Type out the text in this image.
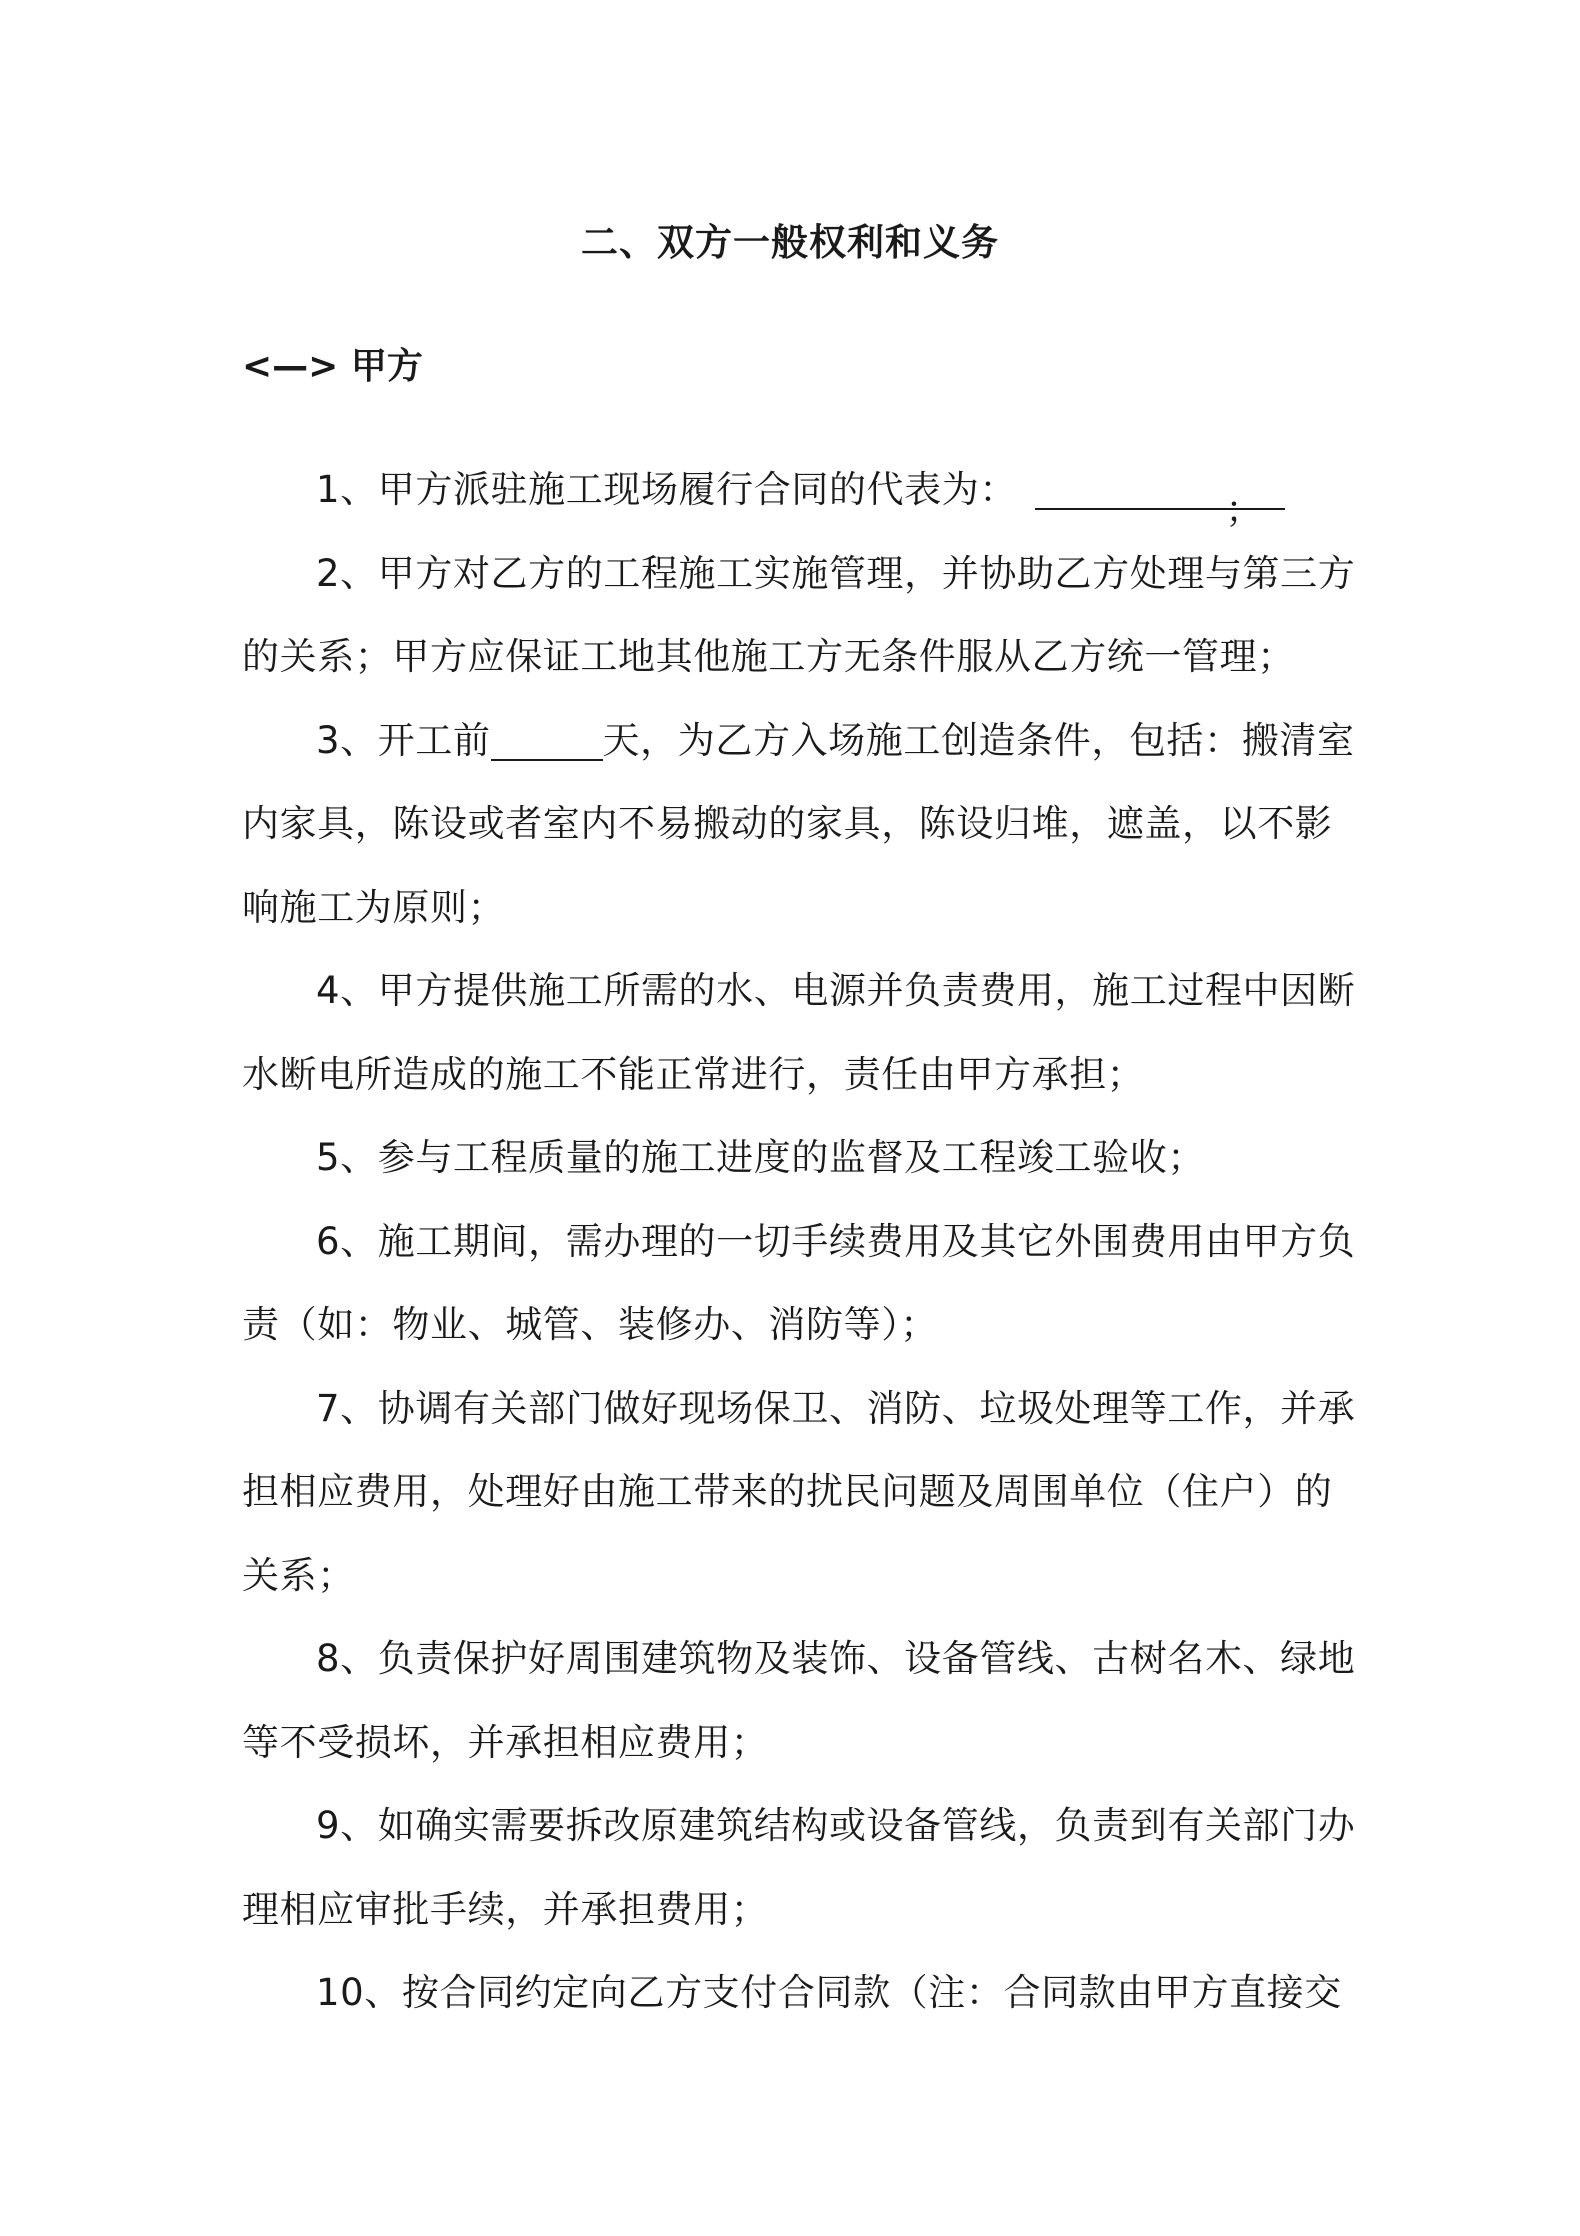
二、双方一般权利和义务
<—> 甲方

1、甲方派驻施工现场履行合同的代表为：	；

2、甲方对乙方的工程施工实施管理，并协助乙方处理与第三方

的关系；甲方应保证工地其他施工方无条件服从乙方统一管理；

3、开工前	天，为乙方入场施工创造条件，包括：搬清室

内家具，陈设或者室内不易搬动的家具，陈设归堆，遮盖，以不影

响施工为原则；

4、甲方提供施工所需的水、电源并负责费用，施工过程中因断

水断电所造成的施工不能正常进行，责任由甲方承担；

5、参与工程质量的施工进度的监督及工程竣工验收；

6、施工期间，需办理的一切手续费用及其它外围费用由甲方负

责（如：物业、城管、装修办、消防等）；

7、协调有关部门做好现场保卫、消防、垃圾处理等工作，并承

担相应费用，处理好由施工带来的扰民问题及周围单位（住户）的

关系；

8、负责保护好周围建筑物及装饰、设备管线、古树名木、绿地

等不受损坏，并承担相应费用；

9、如确实需要拆改原建筑结构或设备管线，负责到有关部门办

理相应审批手续，并承担费用；

10、按合同约定向乙方支付合同款（注：合同款由甲方直接交
